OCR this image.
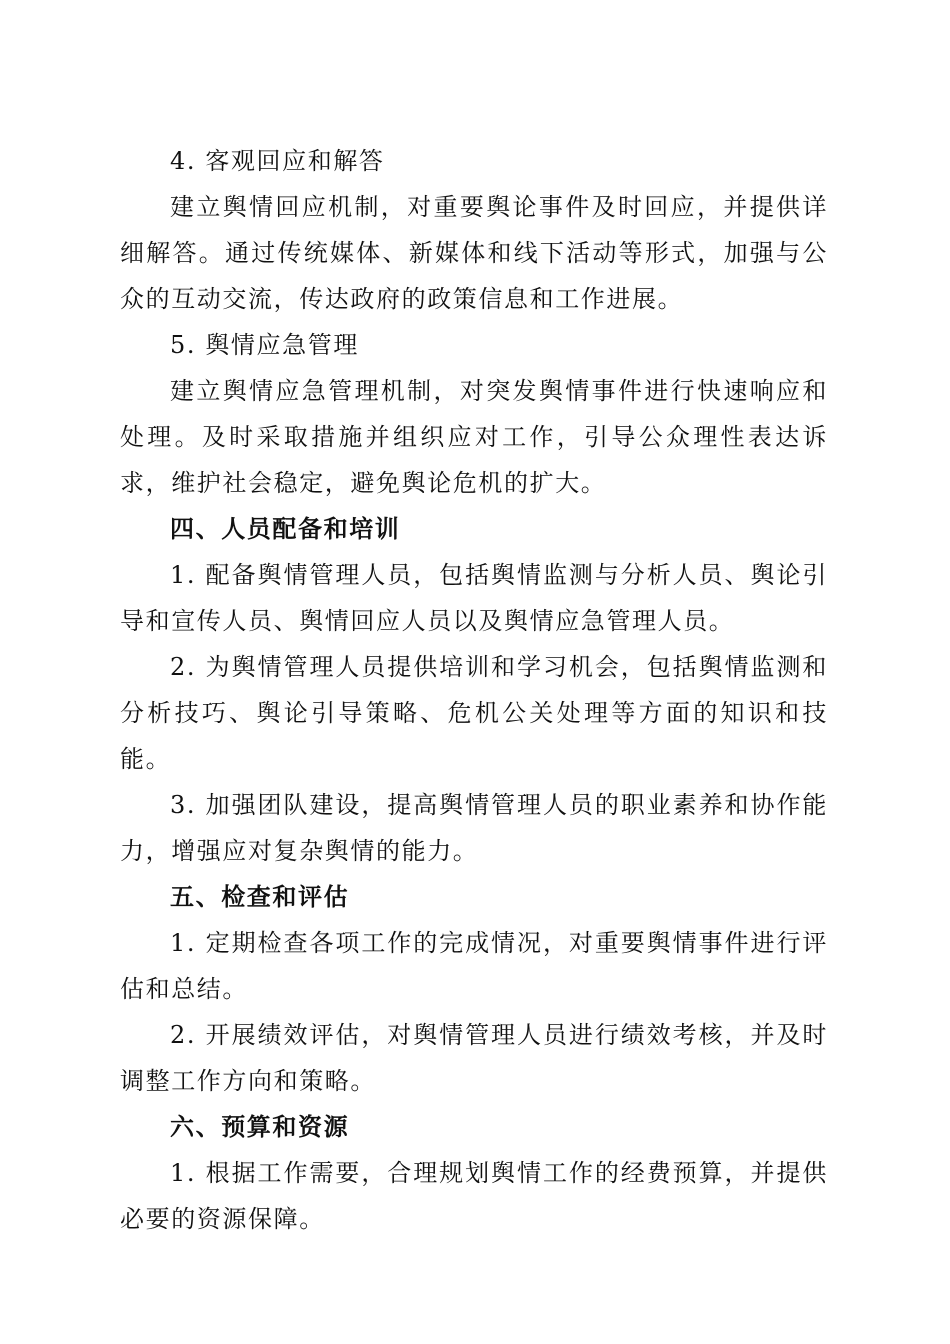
4. 客观回应和解答

建立舆情回应机制，对重要舆论事件及时回应，并提供详细解答。通过传统媒体、新媒体和线下活动等形式，加强与公众的互动交流，传达政府的政策信息和工作进展。

5. 舆情应急管理

建立舆情应急管理机制，对突发舆情事件进行快速响应和处理。及时采取措施并组织应对工作，引导公众理性表达诉求，维护社会稳定，避免舆论危机的扩大。

四、人员配备和培训

1. 配备舆情管理人员，包括舆情监测与分析人员、舆论引导和宣传人员、舆情回应人员以及舆情应急管理人员。

2. 为舆情管理人员提供培训和学习机会，包括舆情监测和分析技巧、舆论引导策略、危机公关处理等方面的知识和技能。

3. 加强团队建设，提高舆情管理人员的职业素养和协作能力，增强应对复杂舆情的能力。

五、检查和评估

1. 定期检查各项工作的完成情况，对重要舆情事件进行评估和总结。

2. 开展绩效评估，对舆情管理人员进行绩效考核，并及时调整工作方向和策略。

六、预算和资源

1. 根据工作需要，合理规划舆情工作的经费预算，并提供必要的资源保障。
